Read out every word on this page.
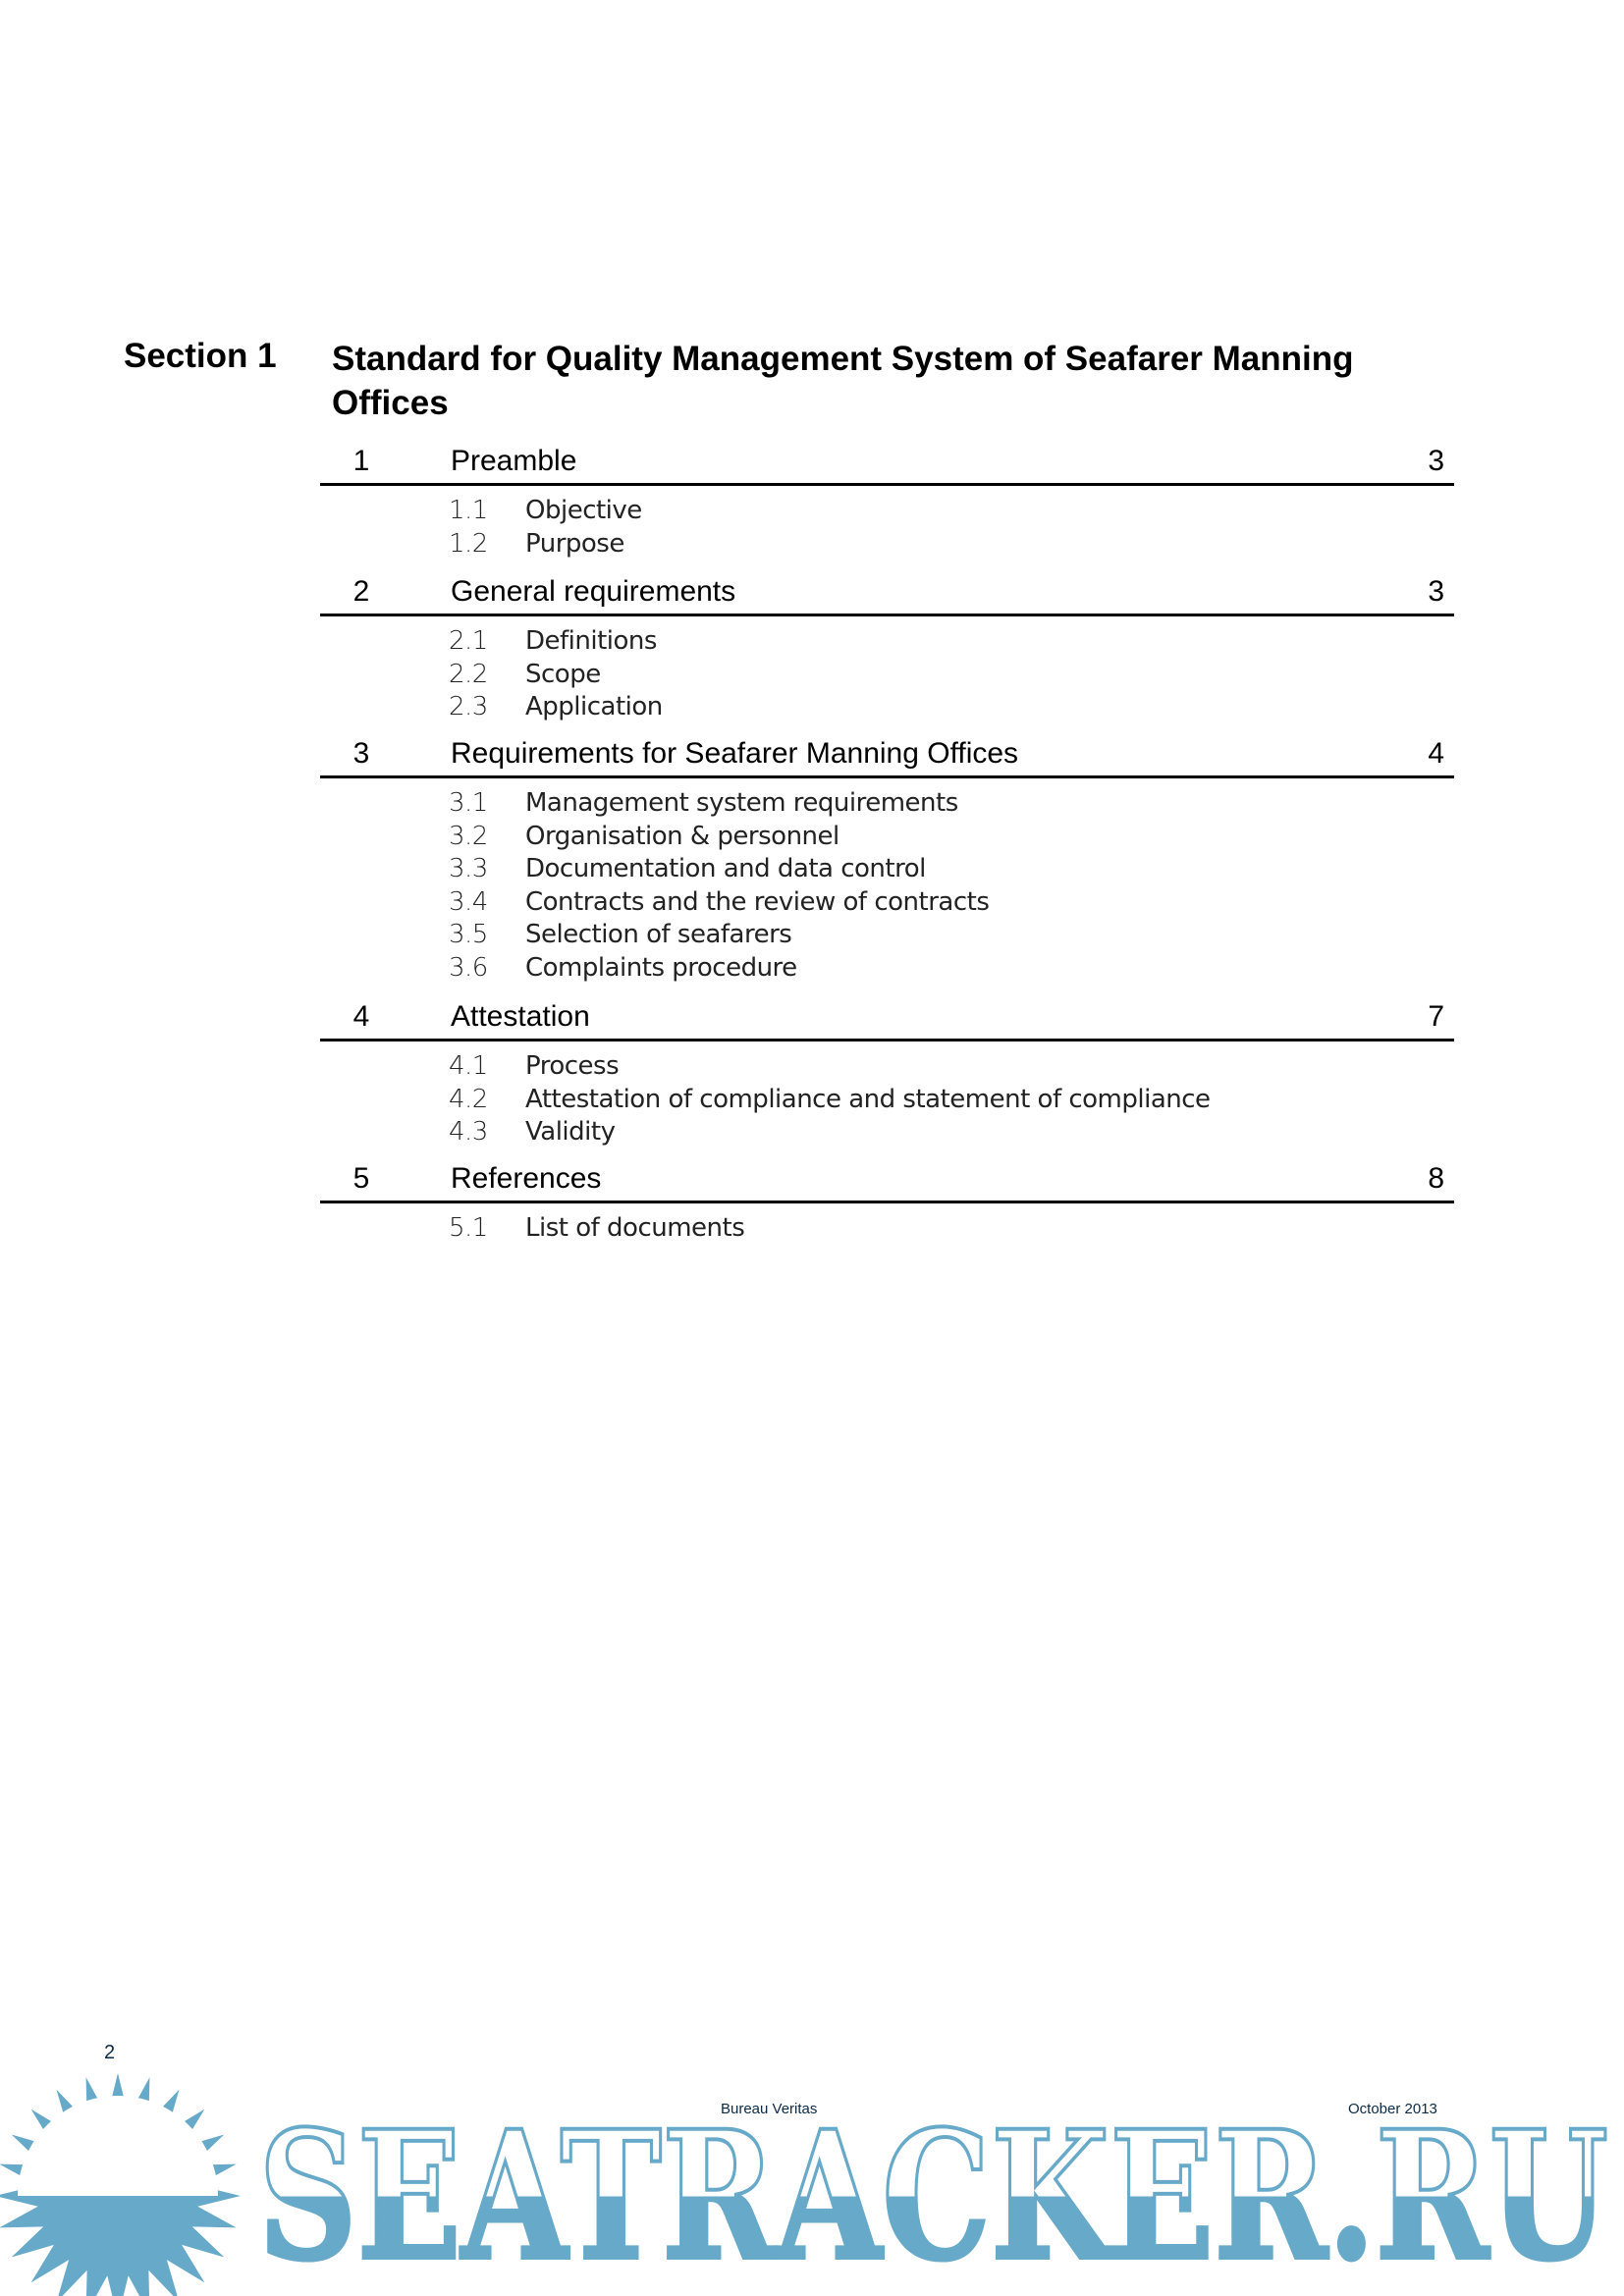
Section 1 Standard for Quality Management System of Seafarer Manning Offices
1	Preamble	3
1.1 Objective
1.2 Purpose
2	General requirements	3
2.1 Definitions
2.2 Scope
2.3 Application
3	Requirements for Seafarer Manning Offices	4
3.1 Management system requirements
3.2 Organisation & personnel
3.3 Documentation and data control
3.4 Contracts and the review of contracts
3.5 Selection of seafarers
3.6 Complaints procedure
4	Attestation	7
4.1 Process
4.2 Attestation of compliance and statement of compliance
4.3 Validity
5	References	8
5.1 List of documents
SEATRACKER.RU
2
Bureau Veritas	October 2013
